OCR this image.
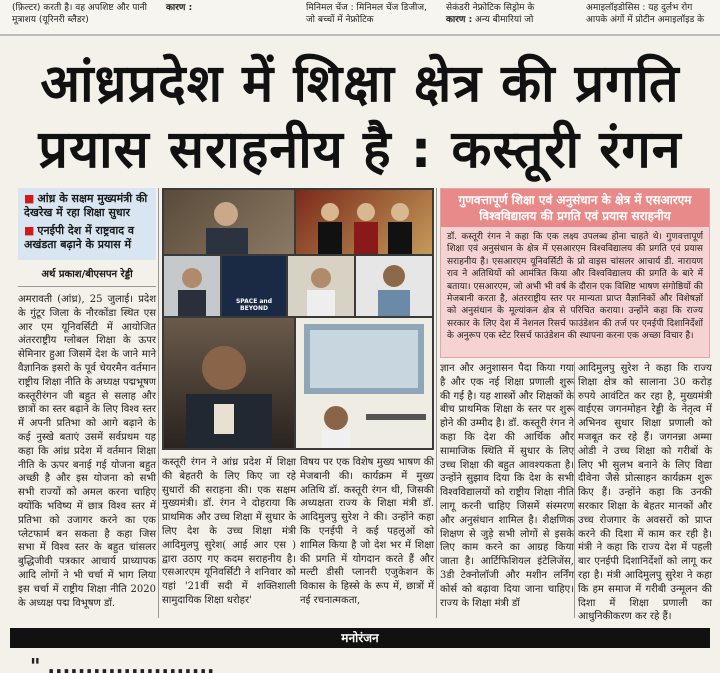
(फ़िल्टर) करती है। वह अपशिष्ट और पानी मूत्राशय (यूरिनरी ब्लैडर)
कारण :	मिनिमल चेंज : मिनिमल चेंज डिजीज, जो बच्चों में नेफ्रोटिक
सेकंडरी नेफ्रोटिक सिड्रोम के
कारण : अन्य बीमारियां जो
अमाइलॉइडोसिस : यह दुर्लभ रोग आपके अंगों में प्रोटीन अमाइलॉइड के
आंध्रप्रदेश में शिक्षा क्षेत्र की प्रगति
प्रयास सराहनीय है : कस्तूरी रंगन
■ आंध्र के सक्षम मुख्यमंत्री की देखरेख में रहा शिक्षा सुधार
■ एनईपी देश में राष्ट्रवाद व अखंडता बढ़ाने के प्रयास में
अर्थ प्रकाश/बीएसपन रेड्डी
अमरावती (आंध्र), 25 जुलाई। प्रदेश के गुंटूर जिला के नौरकोंडा स्थित एस आर एम यूनिवर्सिटी में आयोजित अंतरराष्ट्रीय ग्लोबल शिक्षा के ऊपर सेमिनार हुआ जिसमें देश के जाने माने वैज्ञानिक इसरो के पूर्व चेयरमैन वर्तमान राष्ट्रीय शिक्षा नीति के अध्यक्ष पद्मभूषण कस्तूरीरंगन जी बहुत से सलाह और छात्रों का स्तर बढ़ाने के लिए विश्व स्तर में अपनी प्रतिभा को आगे बढ़ाने के कई नुस्खे बताएं उसमें सर्वप्रथम यह कहा कि आंध्र प्रदेश में वर्तमान शिक्षा नीति के ऊपर बनाई गई योजना बहुत अच्छी है और इस योजना को सभी सभी राज्यों को अमल करना चाहिए क्योंकि भविष्य में छात्र विश्व स्तर में प्रतिभा को उजागर करने का एक प्लेटफार्म बन सकता है कहा जिस सभा में विश्व स्तर के बहुत चांसलर बुद्धिजीवी पत्रकार आचार्य प्राध्यापक आदि लोगों ने भी चर्चा में भाग लिया इस चर्चा में राष्ट्रीय शिक्षा नीति 2020 के अध्यक्ष पद्म विभूषण डॉ.
SPACE and BEYOND
गुणवत्तापूर्ण शिक्षा एवं अनुसंधान के क्षेत्र में एसआरएम विश्वविद्यालय की प्रगति एवं प्रयास सराहनीय
डॉ. कस्तूरी रंगन ने कहा कि एक लक्ष्य उपलब्ध होना चाहते थे। गुणवत्तापूर्ण शिक्षा एवं अनुसंधान के क्षेत्र में एसआरएम विश्वविद्यालय की प्रगति एवं प्रयास सराहनीय है। एसआरएम यूनिवर्सिटी के प्रो वाइस चांसलर आचार्य डी. नारायण राव ने अतिथियों को आमंत्रित किया और विश्वविद्यालय की प्रगति के बारे में बताया। एसआरएम, जो अभी भी वर्ष के दौरान एक विशिष्ट भाषण संगोष्ठियों की मेजबानी करता है, अंतरराष्ट्रीय स्तर पर मान्यता प्राप्त वैज्ञानिकों और विशेषज्ञों को अनुसंधान के मूल्यांकन क्षेत्र से परिचित कराया। उन्होंने कहा कि राज्य सरकार के लिए देश में नेशनल रिसर्च फाउंडेशन की तर्ज पर एनईपी दिशानिर्देशों के अनुरूप एक स्टेट रिसर्च फाउंडेशन की स्थापना करना एक अच्छा विचार है।
कस्तूरी रंगन ने आंध्र प्रदेश में शिक्षा की बेहतरी के लिए किए जा रहे सुधारों की सराहना की। एक सक्षम मुख्यमंत्री। डॉ. रंगन ने दोहराया कि प्राथमिक और उच्च शिक्षा में सुधार के लिए देश के उच्च शिक्षा मंत्री आदिमुलपु सुरेश( आई आर एस ) द्वारा उठाए गए कदम सराहनीय है। एसआरएम यूनिवर्सिटी ने शनिवार को यहां '21वीं सदी में शक्तिशाली सामुदायिक शिक्षा धरोहर'
विषय पर एक विशेष मुख्य भाषण की मेजबानी की। कार्यक्रम में मुख्य अतिथि डॉ. कस्तूरी रंगन थी, जिसकी अध्यक्षता राज्य के शिक्षा मंत्री डॉ. आदिमुलपु सुरेश ने की। उन्होंने कहा कि एनईपी ने कई पहलुओं को शामिल किया है जो देश भर में शिक्षा की प्रगति में योगदान करते हैं और मल्टी डीसी प्लानरी एजुकेशन के विकास के हिस्से के रूप में, छात्रों में नई रचनात्मकता,
ज्ञान और अनुशासन पैदा किया गया है और एक नई शिक्षा प्रणाली शुरू की गई है। यह शास्त्रों और शिक्षकों के बीच प्राथमिक शिक्षा के स्तर पर शुरू होने की उम्मीद है। डॉ. कस्तूरी रंगन ने कहा कि देश की आर्थिक और सामाजिक स्थिति में सुधार के लिए उच्च शिक्षा की बहुत आवश्यकता है। उन्होंने सुझाव दिया कि देश के सभी विश्वविद्यालयों को राष्ट्रीय शिक्षा नीति लागू करनी चाहिए जिसमें संस्मरण और अनुसंधान शामिल है। शैक्षणिक शिक्षण से जुड़े सभी लोगों से इसके लिए काम करने का आग्रह किया जाता है। आर्टिफिशियल इंटेलिजेंस, 3डी टेक्नोलॉजी और मशीन लर्निंग कोर्स को बढ़ावा दिया जाना चाहिए। राज्य के शिक्षा मंत्री डॉ
आदिमुलपु सुरेश ने कहा कि राज्य शिक्षा क्षेत्र को सालाना 30 करोड़ रुपये आवंटित कर रहा है, मुख्यमंत्री वाईएस जगनमोहन रेड्डी के नेतृत्व में अभिनव सुधार शिक्षा प्रणाली को मजबूत कर रहे हैं। जगनन्ना अम्मा ओडी ने उच्च शिक्षा को गरीबों के लिए भी सुलभ बनाने के लिए विद्या दीवेना जैसे प्रोत्साहन कार्यक्रम शुरू किए हैं। उन्होंने कहा कि उनकी सरकार शिक्षा के बेहतर मानकों और उच्च रोजगार के अवसरों को प्राप्त करने की दिशा में काम कर रही है। मंत्री ने कहा कि राज्य देश में पहली बार एनईपी दिशानिर्देशों को लागू कर रहा है। मंत्री आदिमुलपु सुरेश ने कहा कि हम समाज में गरीबी उन्मूलन की दिशा में शिक्षा प्रणाली का आधुनिकीकरण कर रहे हैं।
मनोरंजन
" ......................
